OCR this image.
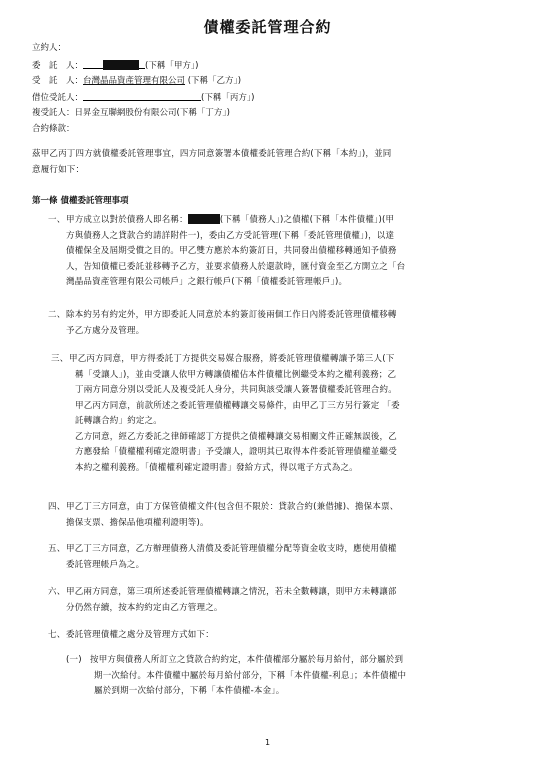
債權委託管理合約
立約人：
委　託　人：	(下稱「甲方」)
受　託　人：台灣晶品資產管理有限公司 (下稱「乙方」)
借位受託人：	(下稱「丙方」)
複受託人：日昇金互聯網股份有限公司(下稱「丁方」)
合約條款：
茲甲乙丙丁四方就債權委託管理事宜，四方同意簽署本債權委託管理合約(下稱「本約」)，並同
意履行如下：
第一條 債權委託管理事項
一、 甲方成立以對於債務人即名稱：	(下稱「債務人」)之債權(下稱「本件債權」)(甲
方與債務人之貸款合約請詳附件一)，委由乙方受託管理(下稱「委託管理債權」)，以達
債權保全及屆期受償之目的。甲乙雙方應於本約簽訂日，共同發出債權移轉通知予債務
人，告知債權已委託並移轉予乙方，並要求債務人於還款時，匯付資金至乙方開立之「台
灣晶品資產管理有限公司帳戶」之銀行帳戶(下稱「債權委託管理帳戶」)。
二、 除本約另有約定外，甲方即委託人同意於本約簽訂後兩個工作日內將委託管理債權移轉
予乙方處分及管理。
三、 甲乙丙方同意，甲方得委託丁方提供交易媒合服務，將委託管理債權轉讓予第三人(下
稱「受讓人」)，並由受讓人依甲方轉讓債權佔本件債權比例繼受本約之權利義務；乙
丁兩方同意分別以受託人及複受託人身分，共同與該受讓人簽署債權委託管理合約。
甲乙丙方同意，前款所述之委託管理債權轉讓交易條件，由甲乙丁三方另行簽定 「委
託轉讓合約」約定之。
乙方同意，經乙方委託之律師確認丁方提供之債權轉讓交易相關文件正確無誤後，乙
方應發給「債權權利確定證明書」予受讓人，證明其已取得本件委託管理債權並繼受
本約之權利義務。「債權權利確定證明書」發給方式，得以電子方式為之。
四、 甲乙丁三方同意，由丁方保管債權文件(包含但不限於：貸款合約(兼借據)、擔保本票、
擔保支票、擔保品他項權利證明等)。
五、 甲乙丁三方同意，乙方辦理債務人清償及委託管理債權分配等資金收支時，應使用債權
委託管理帳戶為之。
六、 甲乙兩方同意，第三項所述委託管理債權轉讓之情況，若未全數轉讓，則甲方未轉讓部
分仍然存續，按本約約定由乙方管理之。
七、 委託管理債權之處分及管理方式如下：
(一) 按甲方與債務人所訂立之貸款合約約定，本件債權部分屬於每月給付，部分屬於到
期一次給付。本件債權中屬於每月給付部分，下稱「本件債權-利息」；本件債權中
屬於到期一次給付部分，下稱「本件債權-本金」。
1
